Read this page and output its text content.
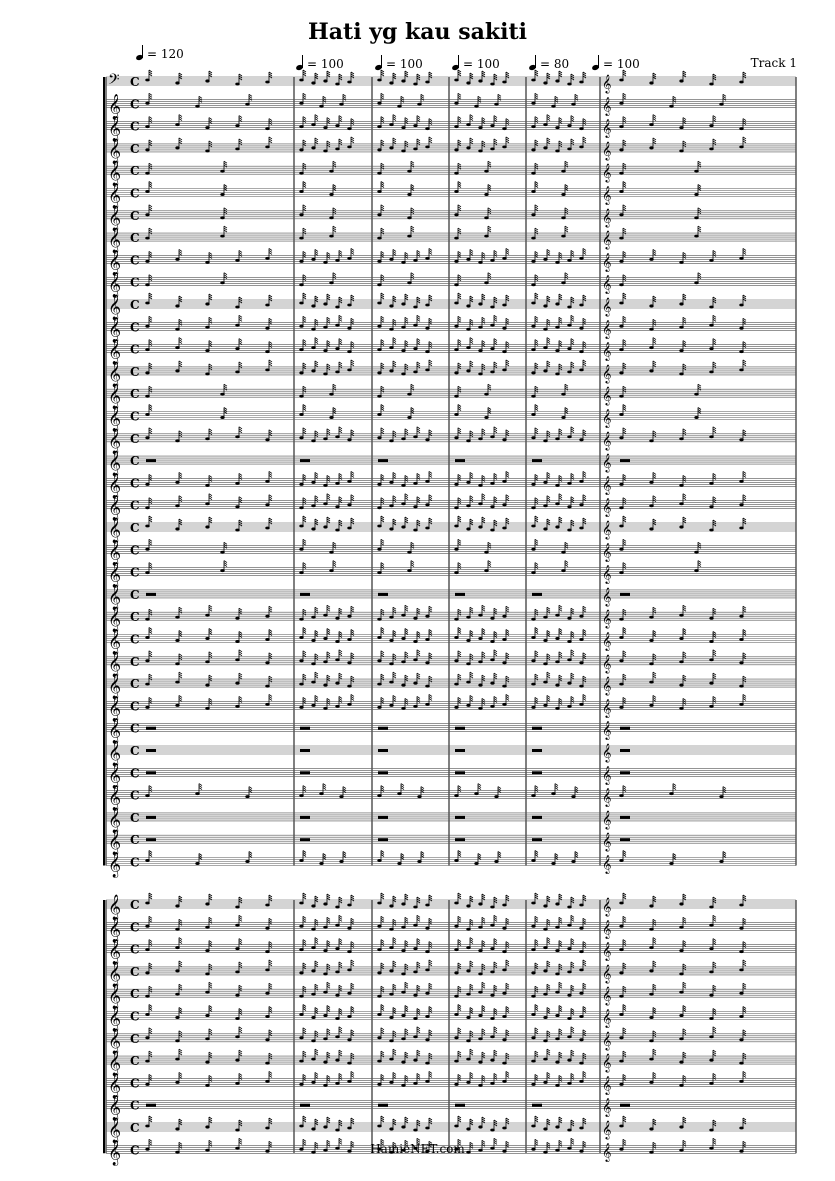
Hati yg kau sakiti
= 120
= 100	= 100	= 100	= 80	= 100	Track 1
𝄢 C	𝄞
𝄞 C	𝄞
𝄞 C	𝄞
𝄞 C	𝄞
𝄞 C	𝄞
𝄞 C	𝄞
𝄞 C	𝄞
𝄞 C	𝄞
𝄞 C	𝄞
𝄞 C	𝄞
𝄞 C	𝄞
𝄞 C	𝄞
𝄞 C	𝄞
𝄞 C	𝄞
𝄞 C	𝄞
𝄞 C	𝄞
𝄞 C	𝄞
𝄞 C	𝄞
𝄞 C	𝄞
𝄞 C	𝄞
𝄞 C	𝄞
𝄞 C	𝄞
𝄞 C	𝄞
𝄞 C	𝄞
𝄞 C	𝄞
𝄞 C	𝄞
𝄞 C	𝄞
𝄞 C	𝄞
𝄞 C	𝄞
𝄞 C	𝄞
𝄞 C	𝄞
𝄞 C	𝄞
𝄞 C	𝄞
𝄞 C	𝄞
𝄞 C	𝄞
𝄞 C	𝄞
𝄞 C	𝄞
𝄞 C	𝄞
𝄞 C	𝄞
𝄞 C	𝄞
𝄞 C	𝄞
𝄞 C	𝄞
𝄞 C	𝄞
𝄞 C	𝄞
𝄞 C	𝄞
𝄞 C	𝄞
𝄞 C	𝄞
𝄞 C	𝄞
HamieNET.com
